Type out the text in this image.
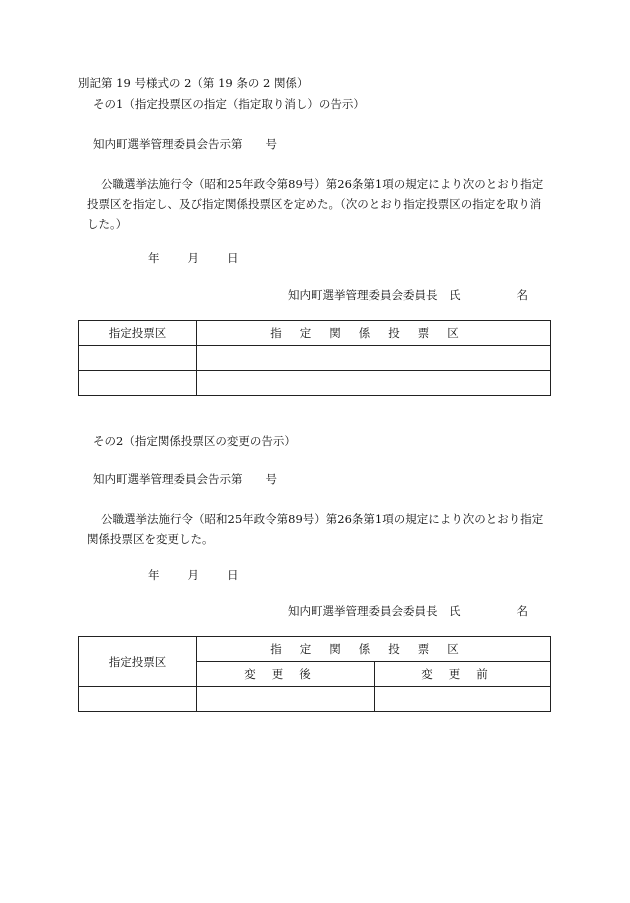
別記第 19 号様式の 2（第 19 条の 2 関係）
その1（指定投票区の指定（指定取り消し）の告示）
知内町選挙管理委員会告示第　　号
公職選挙法施行令（昭和25年政令第89号）第26条第1項の規定により次のとおり指定投票区を指定し、及び指定関係投票区を定めた。（次のとおり指定投票区の指定を取り消した。）
年 月 日
知内町選挙管理委員会委員長　氏	名
指定投票区	指定関係投票区

その2（指定関係投票区の変更の告示）
知内町選挙管理委員会告示第　　号
公職選挙法施行令（昭和25年政令第89号）第26条第1項の規定により次のとおり指定関係投票区を変更した。
年 月 日
知内町選挙管理委員会委員長　氏	名
指定投票区	指定関係投票区	
	変更後	変更前
